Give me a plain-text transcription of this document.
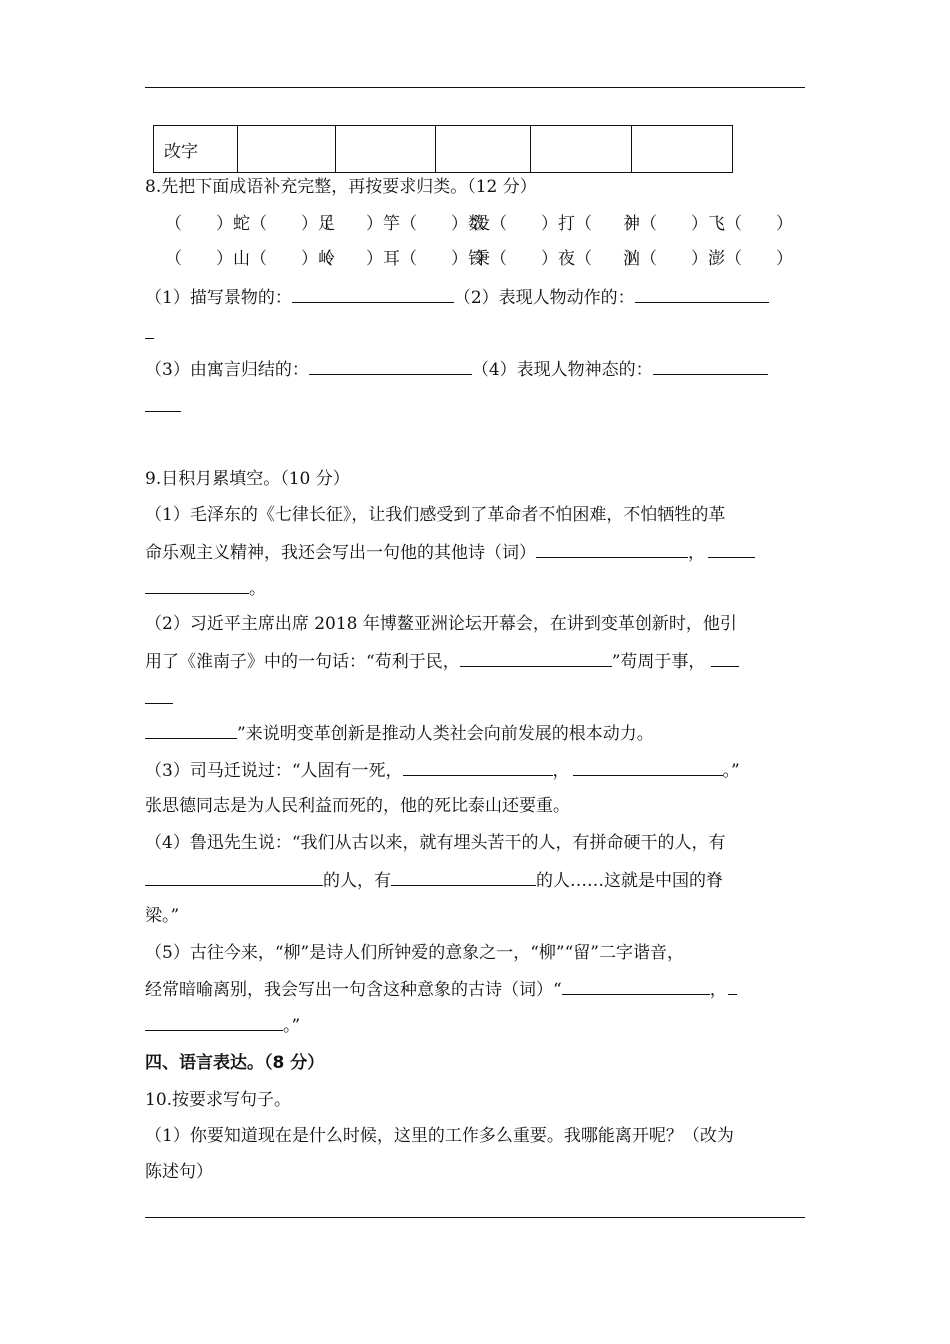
改字					
8.先把下面成语补充完整，再按要求归类。（12 分）
（　　）蛇（　　）足（　　）竽（　　）数没（　　）打（　　）神（　　）飞（　　）
（　　）山（　　）岭（　　）耳（　　）铃秉（　　）夜（　　）汹（　　）澎（　　）
（1）描写景物的：	（2）表现人物动作的：
（3）由寓言归结的：	（4）表现人物神态的：
9.日积月累填空。（10 分）
（1）毛泽东的《七律长征》，让我们感受到了革命者不怕困难，不怕牺牲的革
命乐观主义精神，我还会写出一句他的其他诗（词）	，
。
（2）习近平主席出席 2018 年博鳌亚洲论坛开幕会，在讲到变革创新时，他引
用了《淮南子》中的一句话：“苟利于民，	”苟周于事，
”来说明变革创新是推动人类社会向前发展的根本动力。
（3）司马迁说过：“人固有一死，	，	。”
张思德同志是为人民利益而死的，他的死比泰山还要重。
（4）鲁迅先生说：“我们从古以来，就有埋头苦干的人，有拼命硬干的人，有
的人，有	的人……这就是中国的脊
梁。”
（5）古往今来，“柳”是诗人们所钟爱的意象之一，“柳”“留”二字谐音，
经常暗喻离别，我会写出一句含这种意象的古诗（词）“	，
。”
四、语言表达。（8 分）
10.按要求写句子。
（1）你要知道现在是什么时候，这里的工作多么重要。我哪能离开呢？（改为
陈述句）
